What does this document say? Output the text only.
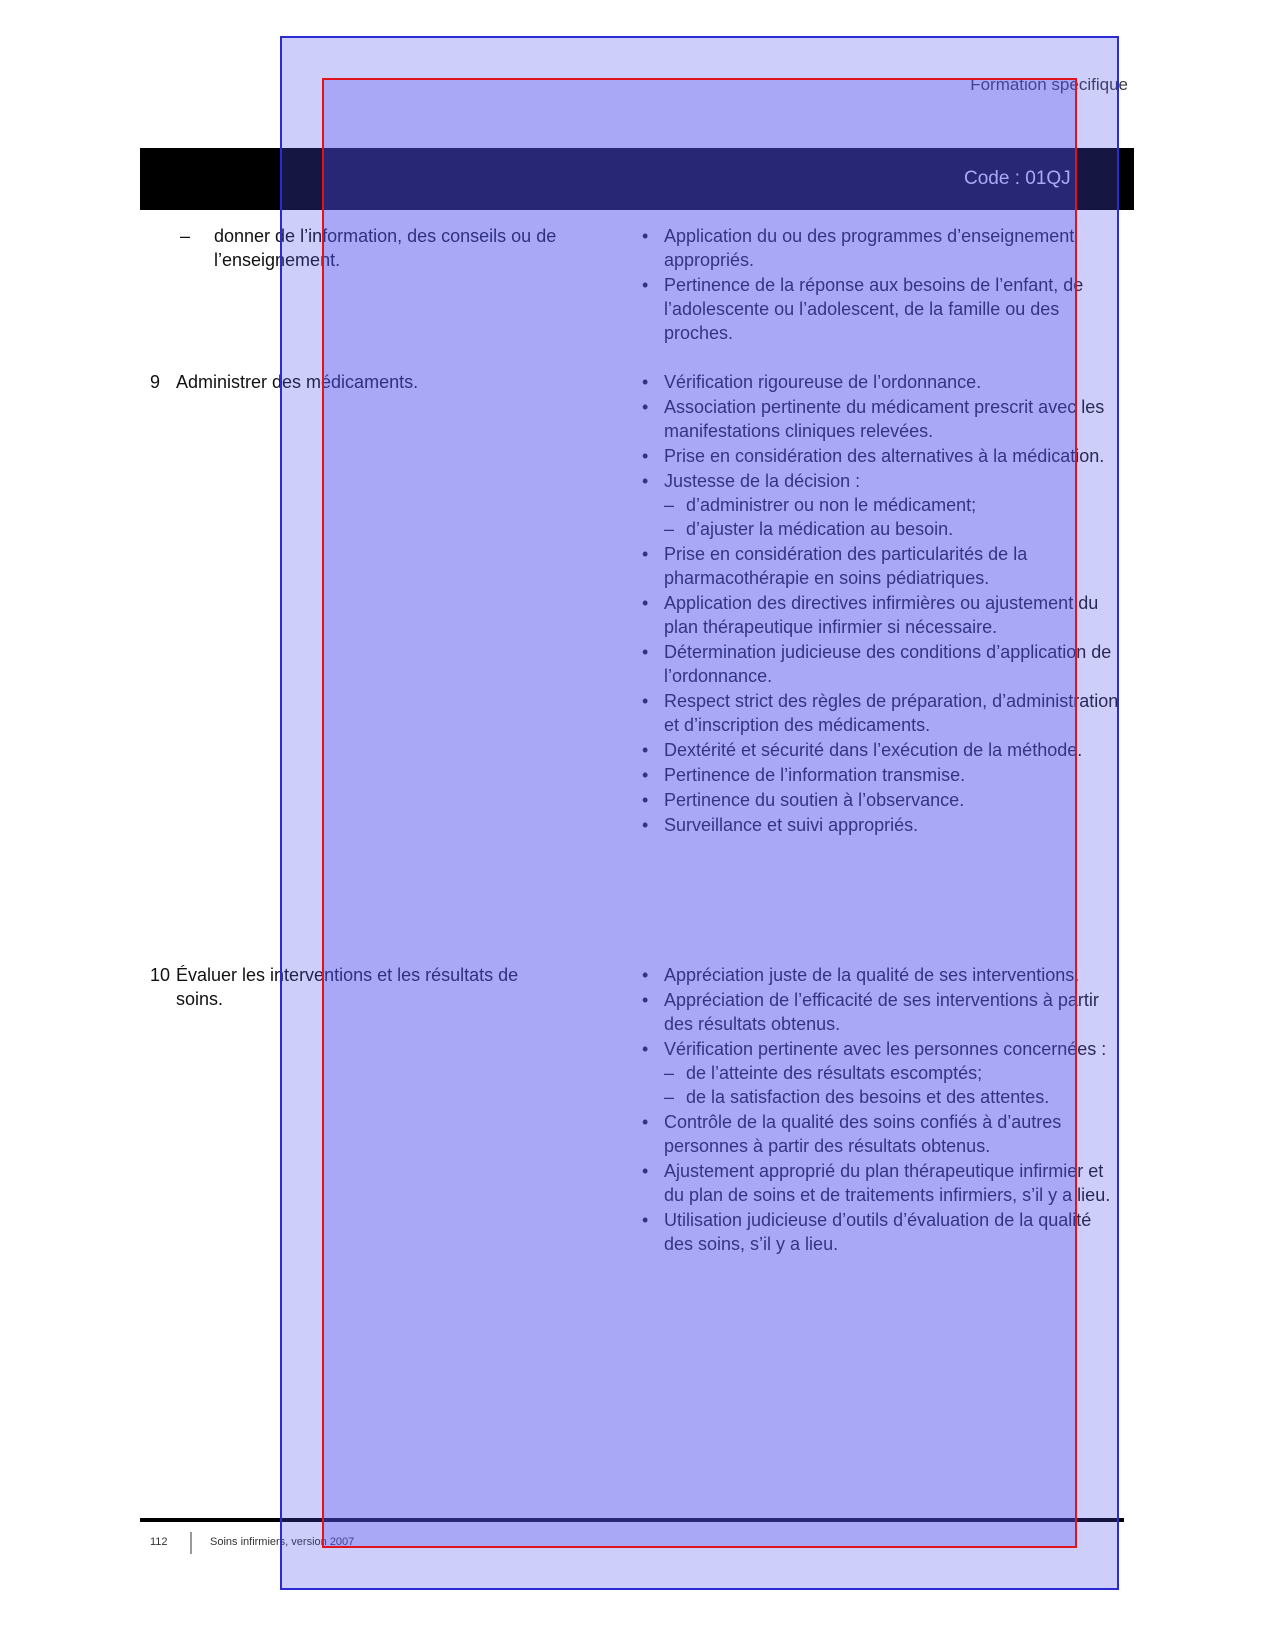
Formation spécifique
Code : 01QJ
– donner de l’information, des conseils ou de
l’enseignement.
• Application du ou des programmes d’enseignement appropriés.
• Pertinence de la réponse aux besoins de l’enfant, de l’adolescente ou l’adolescent, de la famille ou des proches.
9 Administrer des médicaments.
•	Vérification rigoureuse de l’ordonnance.
• Association pertinente du médicament prescrit avec les manifestations cliniques relevées.
• Prise en considération des alternatives à la médication.
• Justesse de la décision :
– d’administrer ou non le médicament;
– d’ajuster la médication au besoin.
• Prise en considération des particularités de la pharmacothérapie en soins pédiatriques.
• Application des directives infirmières ou ajustement du plan thérapeutique infirmier si nécessaire.
• Détermination judicieuse des conditions d’application de l’ordonnance.
• Respect strict des règles de préparation, d’administration et d’inscription des médicaments.
• Dextérité et sécurité dans l’exécution de la méthode.
• Pertinence de l’information transmise.
• Pertinence du soutien à l’observance.
• Surveillance et suivi appropriés.
10 Évaluer les interventions et les résultats de
soins.
• Appréciation juste de la qualité de ses interventions.
• Appréciation de l’efficacité de ses interventions à partir des résultats obtenus.
• Vérification pertinente avec les personnes concernées :
– de l’atteinte des résultats escomptés;
– de la satisfaction des besoins et des attentes.
• Contrôle de la qualité des soins confiés à d’autres personnes à partir des résultats obtenus.
• Ajustement approprié du plan thérapeutique infirmier et du plan de soins et de traitements infirmiers, s’il y a lieu.
• Utilisation judicieuse d’outils d’évaluation de la qualité des soins, s’il y a lieu.
112	Soins infirmiers, version 2007
